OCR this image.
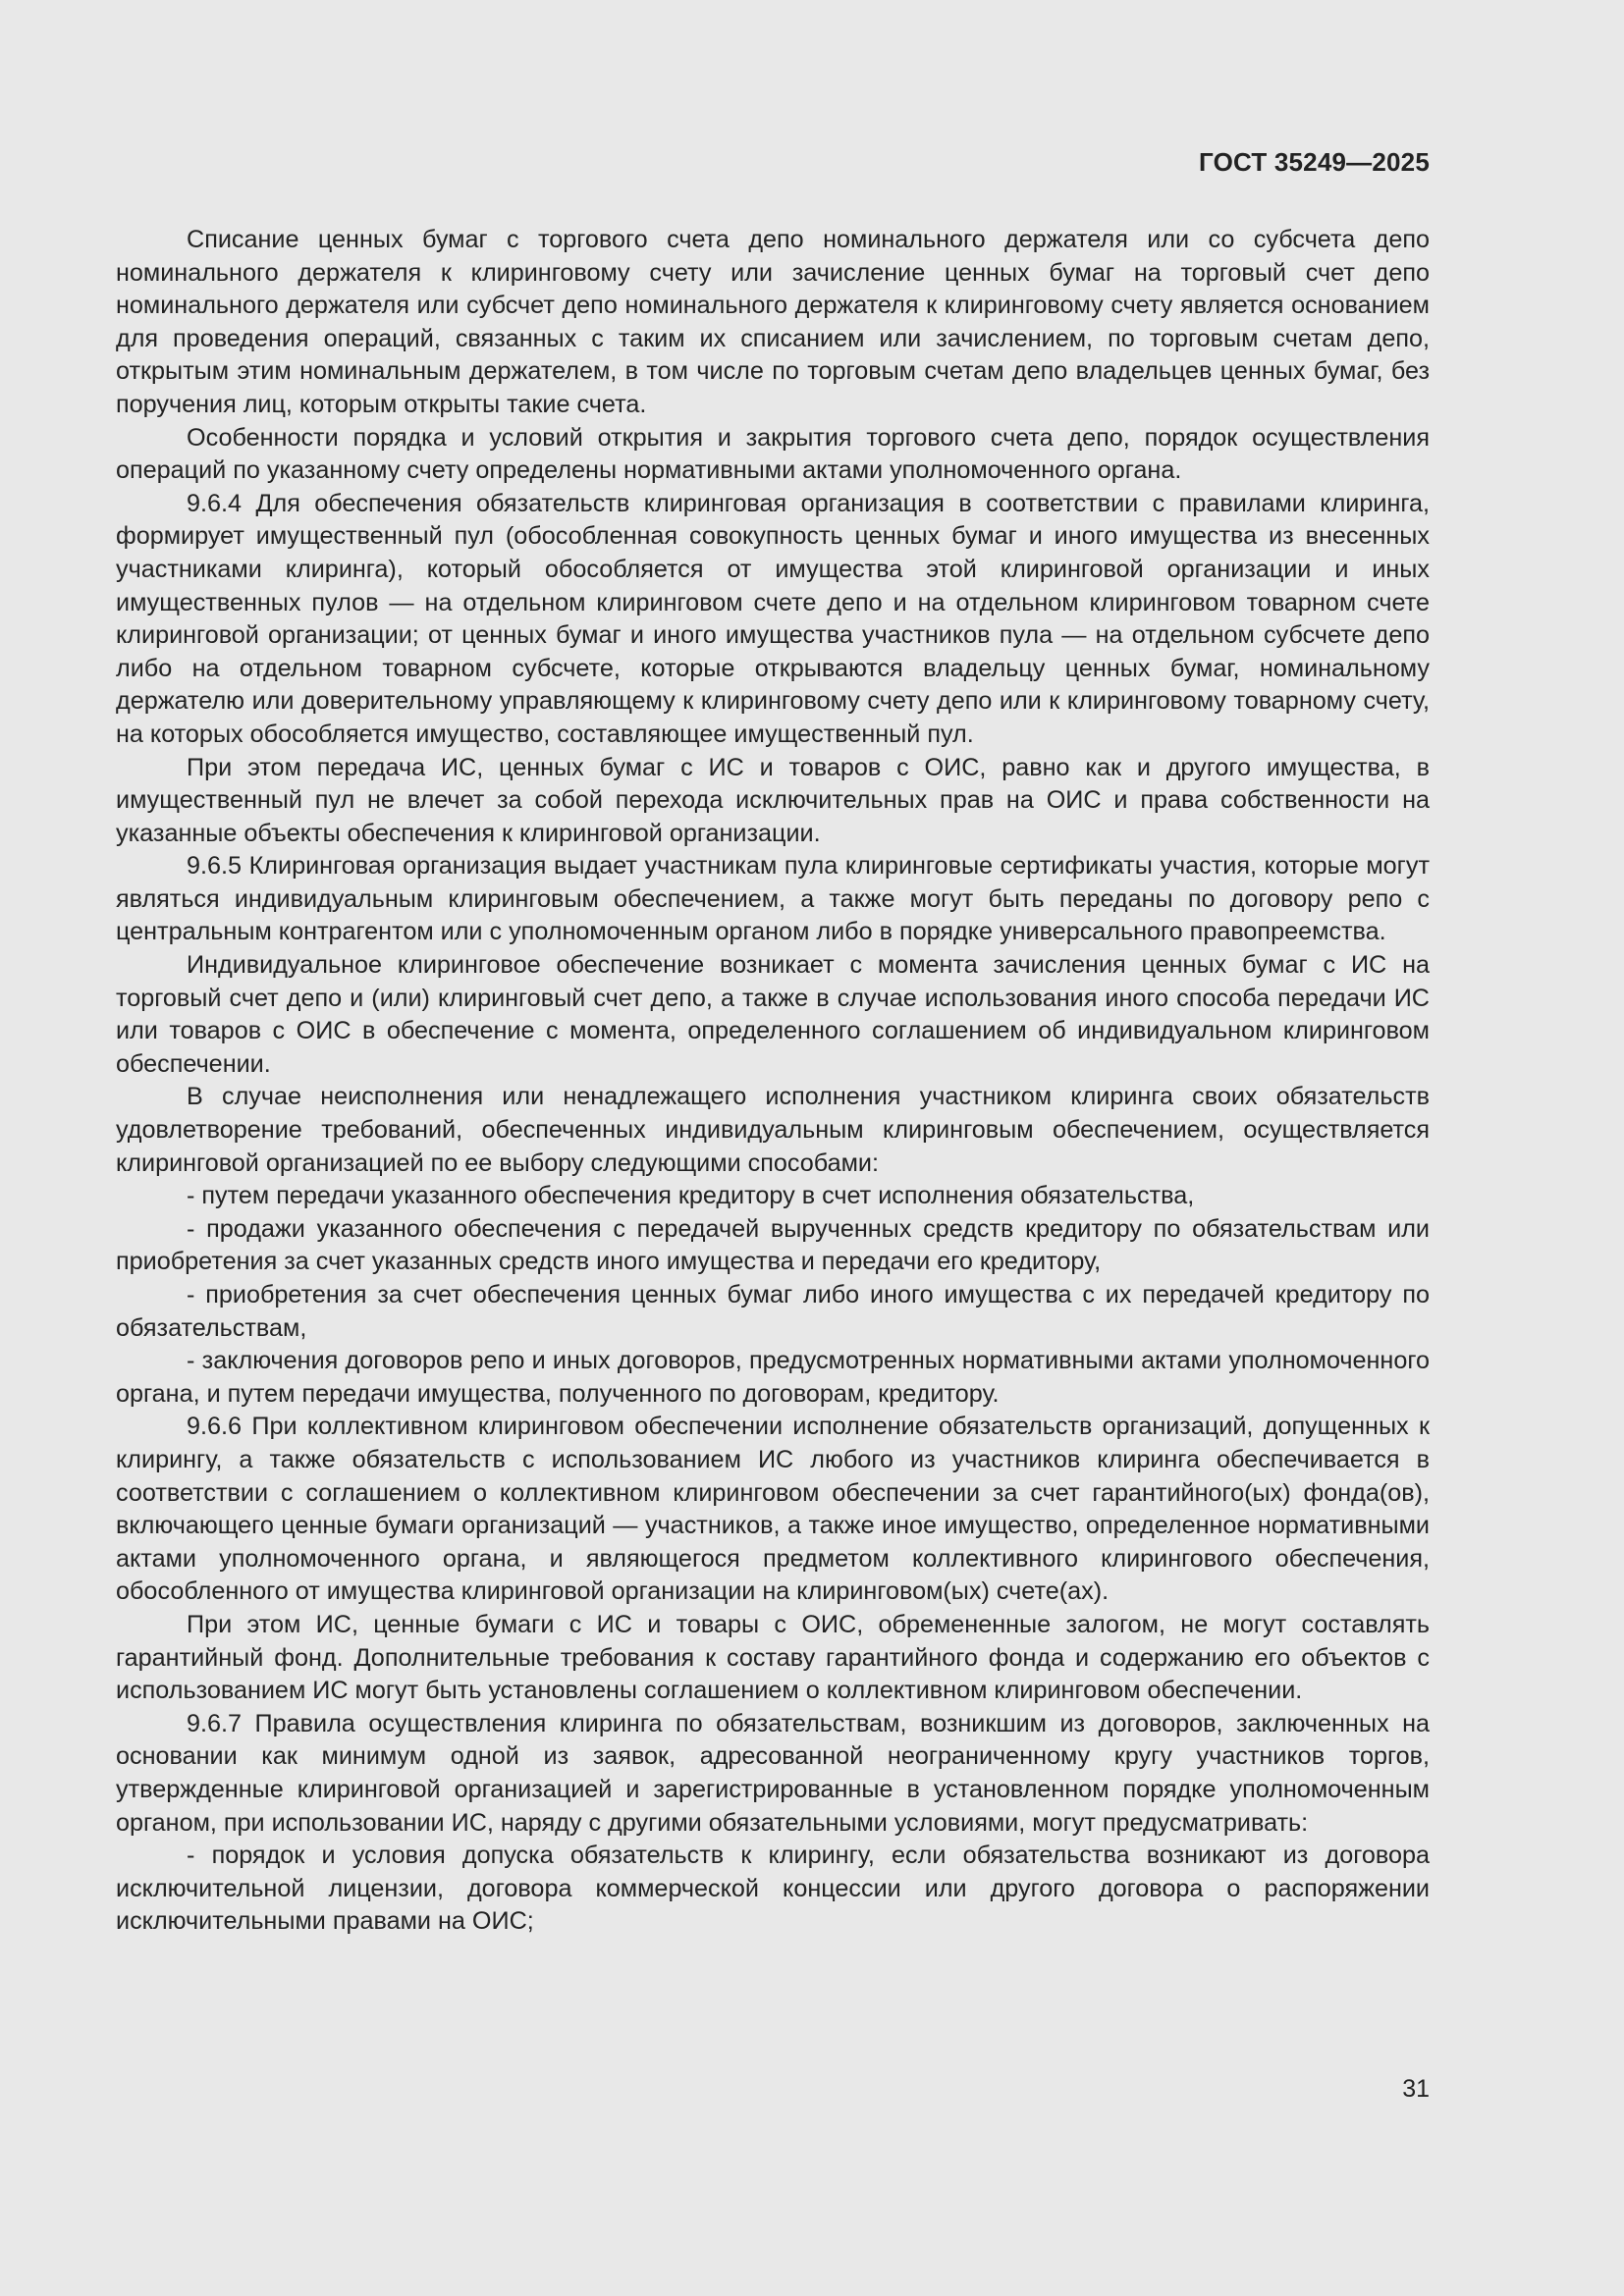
ГОСТ 35249—2025

Списание ценных бумаг с торгового счета депо номинального держателя или со субсчета депо номинального держателя к клиринговому счету или зачисление ценных бумаг на торговый счет депо номинального держателя или субсчет депо номинального держателя к клиринговому счету является основанием для проведения операций, связанных с таким их списанием или зачислением, по торговым счетам депо, открытым этим номинальным держателем, в том числе по торговым счетам депо владельцев ценных бумаг, без поручения лиц, которым открыты такие счета.

Особенности порядка и условий открытия и закрытия торгового счета депо, порядок осуществления операций по указанному счету определены нормативными актами уполномоченного органа.

9.6.4 Для обеспечения обязательств клиринговая организация в соответствии с правилами клиринга, формирует имущественный пул (обособленная совокупность ценных бумаг и иного имущества из внесенных участниками клиринга), который обособляется от имущества этой клиринговой организации и иных имущественных пулов — на отдельном клиринговом счете депо и на отдельном клиринговом товарном счете клиринговой организации; от ценных бумаг и иного имущества участников пула — на отдельном субсчете депо либо на отдельном товарном субсчете, которые открываются владельцу ценных бумаг, номинальному держателю или доверительному управляющему к клиринговому счету депо или к клиринговому товарному счету, на которых обособляется имущество, составляющее имущественный пул.

При этом передача ИС, ценных бумаг с ИС и товаров с ОИС, равно как и другого имущества, в имущественный пул не влечет за собой перехода исключительных прав на ОИС и права собственности на указанные объекты обеспечения к клиринговой организации.

9.6.5 Клиринговая организация выдает участникам пула клиринговые сертификаты участия, которые могут являться индивидуальным клиринговым обеспечением, а также могут быть переданы по договору репо с центральным контрагентом или с уполномоченным органом либо в порядке универсального правопреемства.

Индивидуальное клиринговое обеспечение возникает с момента зачисления ценных бумаг с ИС на торговый счет депо и (или) клиринговый счет депо, а также в случае использования иного способа передачи ИС или товаров с ОИС в обеспечение с момента, определенного соглашением об индивидуальном клиринговом обеспечении.

В случае неисполнения или ненадлежащего исполнения участником клиринга своих обязательств удовлетворение требований, обеспеченных индивидуальным клиринговым обеспечением, осуществляется клиринговой организацией по ее выбору следующими способами:

- путем передачи указанного обеспечения кредитору в счет исполнения обязательства,

- продажи указанного обеспечения с передачей вырученных средств кредитору по обязательствам или приобретения за счет указанных средств иного имущества и передачи его кредитору,

- приобретения за счет обеспечения ценных бумаг либо иного имущества с их передачей кредитору по обязательствам,

- заключения договоров репо и иных договоров, предусмотренных нормативными актами уполномоченного органа, и путем передачи имущества, полученного по договорам, кредитору.

9.6.6 При коллективном клиринговом обеспечении исполнение обязательств организаций, допущенных к клирингу, а также обязательств с использованием ИС любого из участников клиринга обеспечивается в соответствии с соглашением о коллективном клиринговом обеспечении за счет гарантийного(ых) фонда(ов), включающего ценные бумаги организаций — участников, а также иное имущество, определенное нормативными актами уполномоченного органа, и являющегося предметом коллективного клирингового обеспечения, обособленного от имущества клиринговой организации на клиринговом(ых) счете(ах).

При этом ИС, ценные бумаги с ИС и товары с ОИС, обремененные залогом, не могут составлять гарантийный фонд. Дополнительные требования к составу гарантийного фонда и содержанию его объектов с использованием ИС могут быть установлены соглашением о коллективном клиринговом обеспечении.

9.6.7 Правила осуществления клиринга по обязательствам, возникшим из договоров, заключенных на основании как минимум одной из заявок, адресованной неограниченному кругу участников торгов, утвержденные клиринговой организацией и зарегистрированные в установленном порядке уполномоченным органом, при использовании ИС, наряду с другими обязательными условиями, могут предусматривать:

- порядок и условия допуска обязательств к клирингу, если обязательства возникают из договора исключительной лицензии, договора коммерческой концессии или другого договора о распоряжении исключительными правами на ОИС;

31
